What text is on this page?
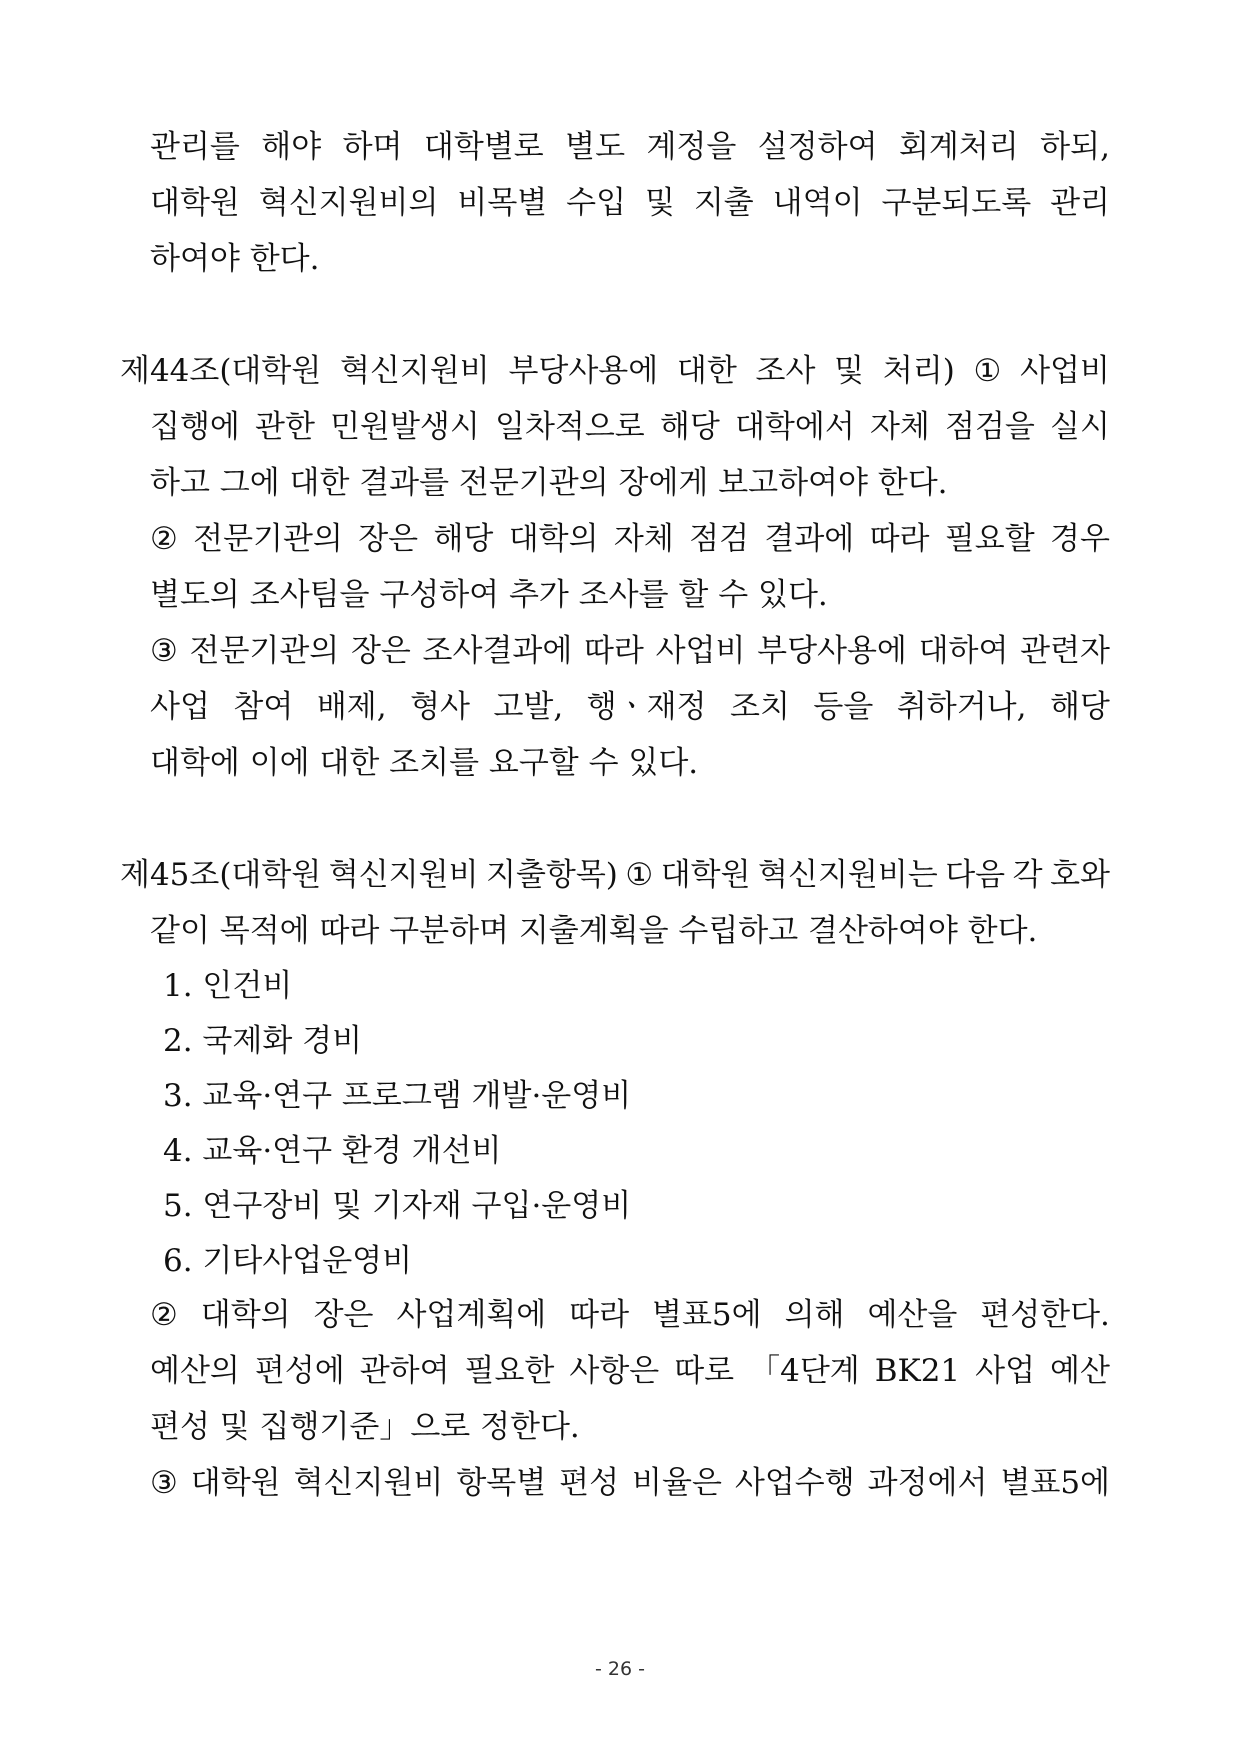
관리를 해야 하며 대학별로 별도 계정을 설정하여 회계처리 하되,
대학원 혁신지원비의 비목별 수입 및 지출 내역이 구분되도록 관리
하여야 한다.
제44조(대학원 혁신지원비 부당사용에 대한 조사 및 처리) ① 사업비
집행에 관한 민원발생시 일차적으로 해당 대학에서 자체 점검을 실시
하고 그에 대한 결과를 전문기관의 장에게 보고하여야 한다.
② 전문기관의 장은 해당 대학의 자체 점검 결과에 따라 필요할 경우
별도의 조사팀을 구성하여 추가 조사를 할 수 있다.
③ 전문기관의 장은 조사결과에 따라 사업비 부당사용에 대하여 관련자
사업 참여 배제, 형사 고발, 행ㆍ재정 조치 등을 취하거나, 해당
대학에 이에 대한 조치를 요구할 수 있다.
제45조(대학원 혁신지원비 지출항목) ① 대학원 혁신지원비는 다음 각 호와
같이 목적에 따라 구분하며 지출계획을 수립하고 결산하여야 한다.
1. 인건비
2. 국제화 경비
3. 교육·연구 프로그램 개발·운영비
4. 교육·연구 환경 개선비
5. 연구장비 및 기자재 구입·운영비
6. 기타사업운영비
② 대학의 장은 사업계획에 따라 별표5에 의해 예산을 편성한다.
예산의 편성에 관하여 필요한 사항은 따로 「4단계 BK21 사업 예산
편성 및 집행기준」으로 정한다.
③ 대학원 혁신지원비 항목별 편성 비율은 사업수행 과정에서 별표5에
- 26 -
